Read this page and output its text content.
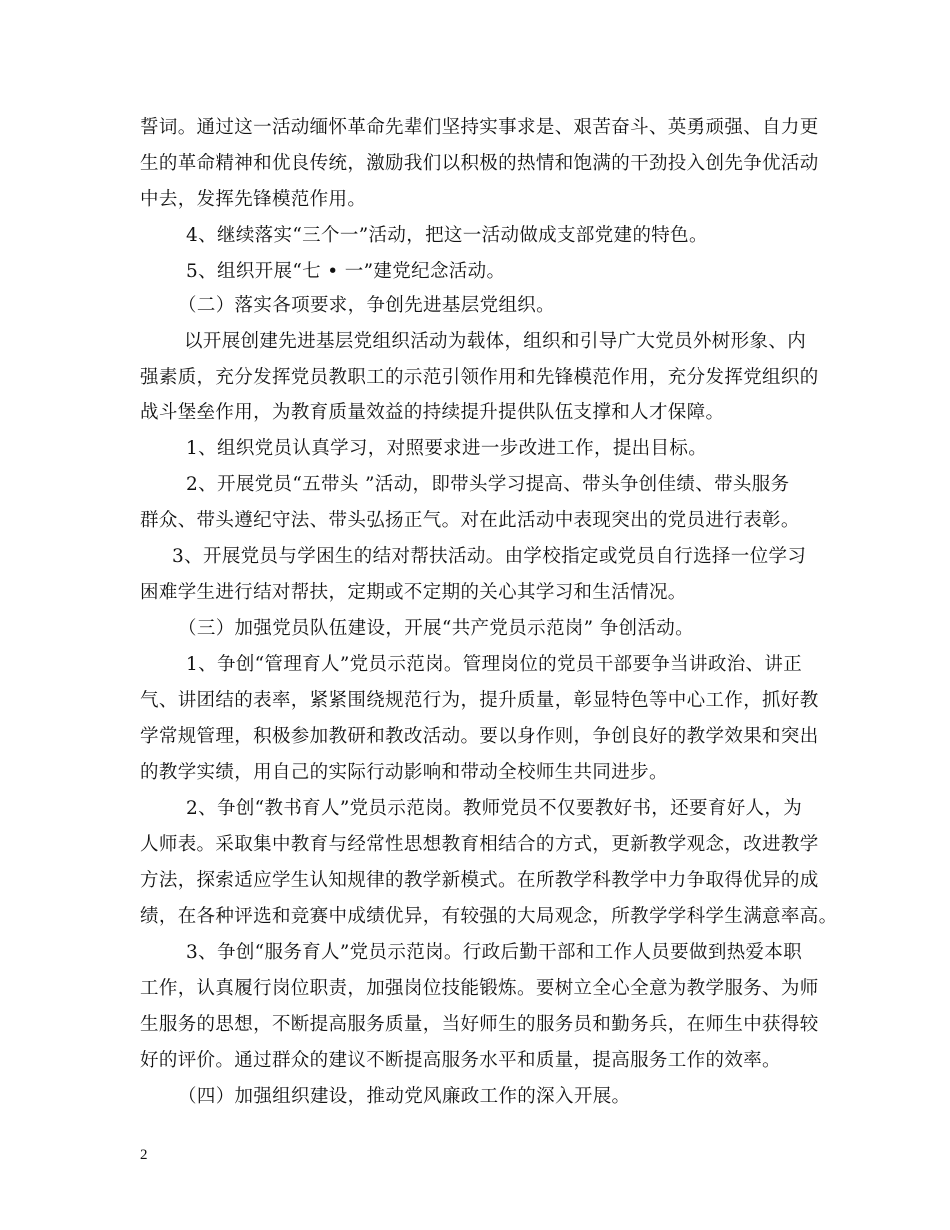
誓词。通过这一活动缅怀革命先辈们坚持实事求是、艰苦奋斗、英勇顽强、自力更
生的革命精神和优良传统，激励我们以积极的热情和饱满的干劲投入创先争优活动
中去，发挥先锋模范作用。
4、继续落实“三个一”活动，把这一活动做成支部党建的特色。
5、组织开展“七 • 一”建党纪念活动。
（二）落实各项要求，争创先进基层党组织。
以开展创建先进基层党组织活动为载体，组织和引导广大党员外树形象、内
强素质，充分发挥党员教职工的示范引领作用和先锋模范作用，充分发挥党组织的
战斗堡垒作用，为教育质量效益的持续提升提供队伍支撑和人才保障。
1、组织党员认真学习，对照要求进一步改进工作，提出目标。
2、开展党员“五带头 ”活动，即带头学习提高、带头争创佳绩、带头服务
群众、带头遵纪守法、带头弘扬正气。对在此活动中表现突出的党员进行表彰。
3、开展党员与学困生的结对帮扶活动。由学校指定或党员自行选择一位学习
困难学生进行结对帮扶，定期或不定期的关心其学习和生活情况。
（三）加强党员队伍建设，开展“共产党员示范岗” 争创活动。
1、争创“管理育人”党员示范岗。管理岗位的党员干部要争当讲政治、讲正
气、讲团结的表率，紧紧围绕规范行为，提升质量，彰显特色等中心工作，抓好教
学常规管理，积极参加教研和教改活动。要以身作则，争创良好的教学效果和突出
的教学实绩，用自己的实际行动影响和带动全校师生共同进步。
2、争创“教书育人”党员示范岗。教师党员不仅要教好书，还要育好人，为
人师表。采取集中教育与经常性思想教育相结合的方式，更新教学观念，改进教学
方法，探索适应学生认知规律的教学新模式。在所教学科教学中力争取得优异的成
绩，在各种评选和竞赛中成绩优异，有较强的大局观念，所教学学科学生满意率高。
3、争创“服务育人”党员示范岗。行政后勤干部和工作人员要做到热爱本职
工作，认真履行岗位职责，加强岗位技能锻炼。要树立全心全意为教学服务、为师
生服务的思想，不断提高服务质量，当好师生的服务员和勤务兵，在师生中获得较
好的评价。通过群众的建议不断提高服务水平和质量，提高服务工作的效率。
（四）加强组织建设，推动党风廉政工作的深入开展。
2
